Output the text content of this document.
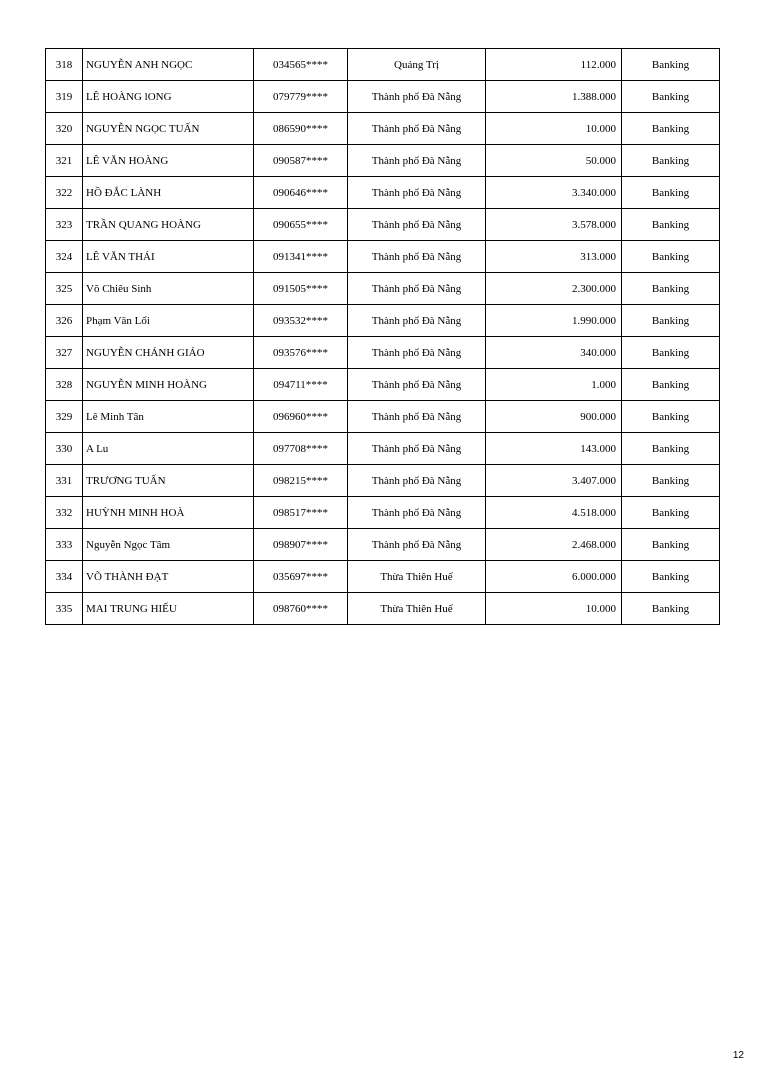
318	NGUYỄN ANH NGỌC	034565****	Quảng Trị	112.000	Banking
319	LÊ HOÀNG lONG	079779****	Thành phố Đà Nẵng	1.388.000	Banking
320	NGUYỄN NGỌC TUẤN	086590****	Thành phố Đà Nẵng	10.000	Banking
321	LÊ VĂN HOÀNG	090587****	Thành phố Đà Nẵng	50.000	Banking
322	HỒ ĐẮC LÀNH	090646****	Thành phố Đà Nẵng	3.340.000	Banking
323	TRẦN QUANG HOÀNG	090655****	Thành phố Đà Nẵng	3.578.000	Banking
324	LÊ VĂN THÁI	091341****	Thành phố Đà Nẵng	313.000	Banking
325	Võ Chiêu Sinh	091505****	Thành phố Đà Nẵng	2.300.000	Banking
326	Phạm Văn Lổi	093532****	Thành phố Đà Nẵng	1.990.000	Banking
327	NGUYỄN CHÁNH GIÁO	093576****	Thành phố Đà Nẵng	340.000	Banking
328	NGUYỄN MINH HOÀNG	094711****	Thành phố Đà Nẵng	1.000	Banking
329	Lê Minh Tân	096960****	Thành phố Đà Nẵng	900.000	Banking
330	A Lu	097708****	Thành phố Đà Nẵng	143.000	Banking
331	TRƯƠNG TUẤN	098215****	Thành phố Đà Nẵng	3.407.000	Banking
332	HUỲNH MINH HOÀ	098517****	Thành phố Đà Nẵng	4.518.000	Banking
333	Nguyễn Ngọc Tâm	098907****	Thành phố Đà Nẵng	2.468.000	Banking
334	VÕ THÀNH ĐẠT	035697****	Thừa Thiên Huế	6.000.000	Banking
335	MAI TRUNG HIẾU	098760****	Thừa Thiên Huế	10.000	Banking
12
